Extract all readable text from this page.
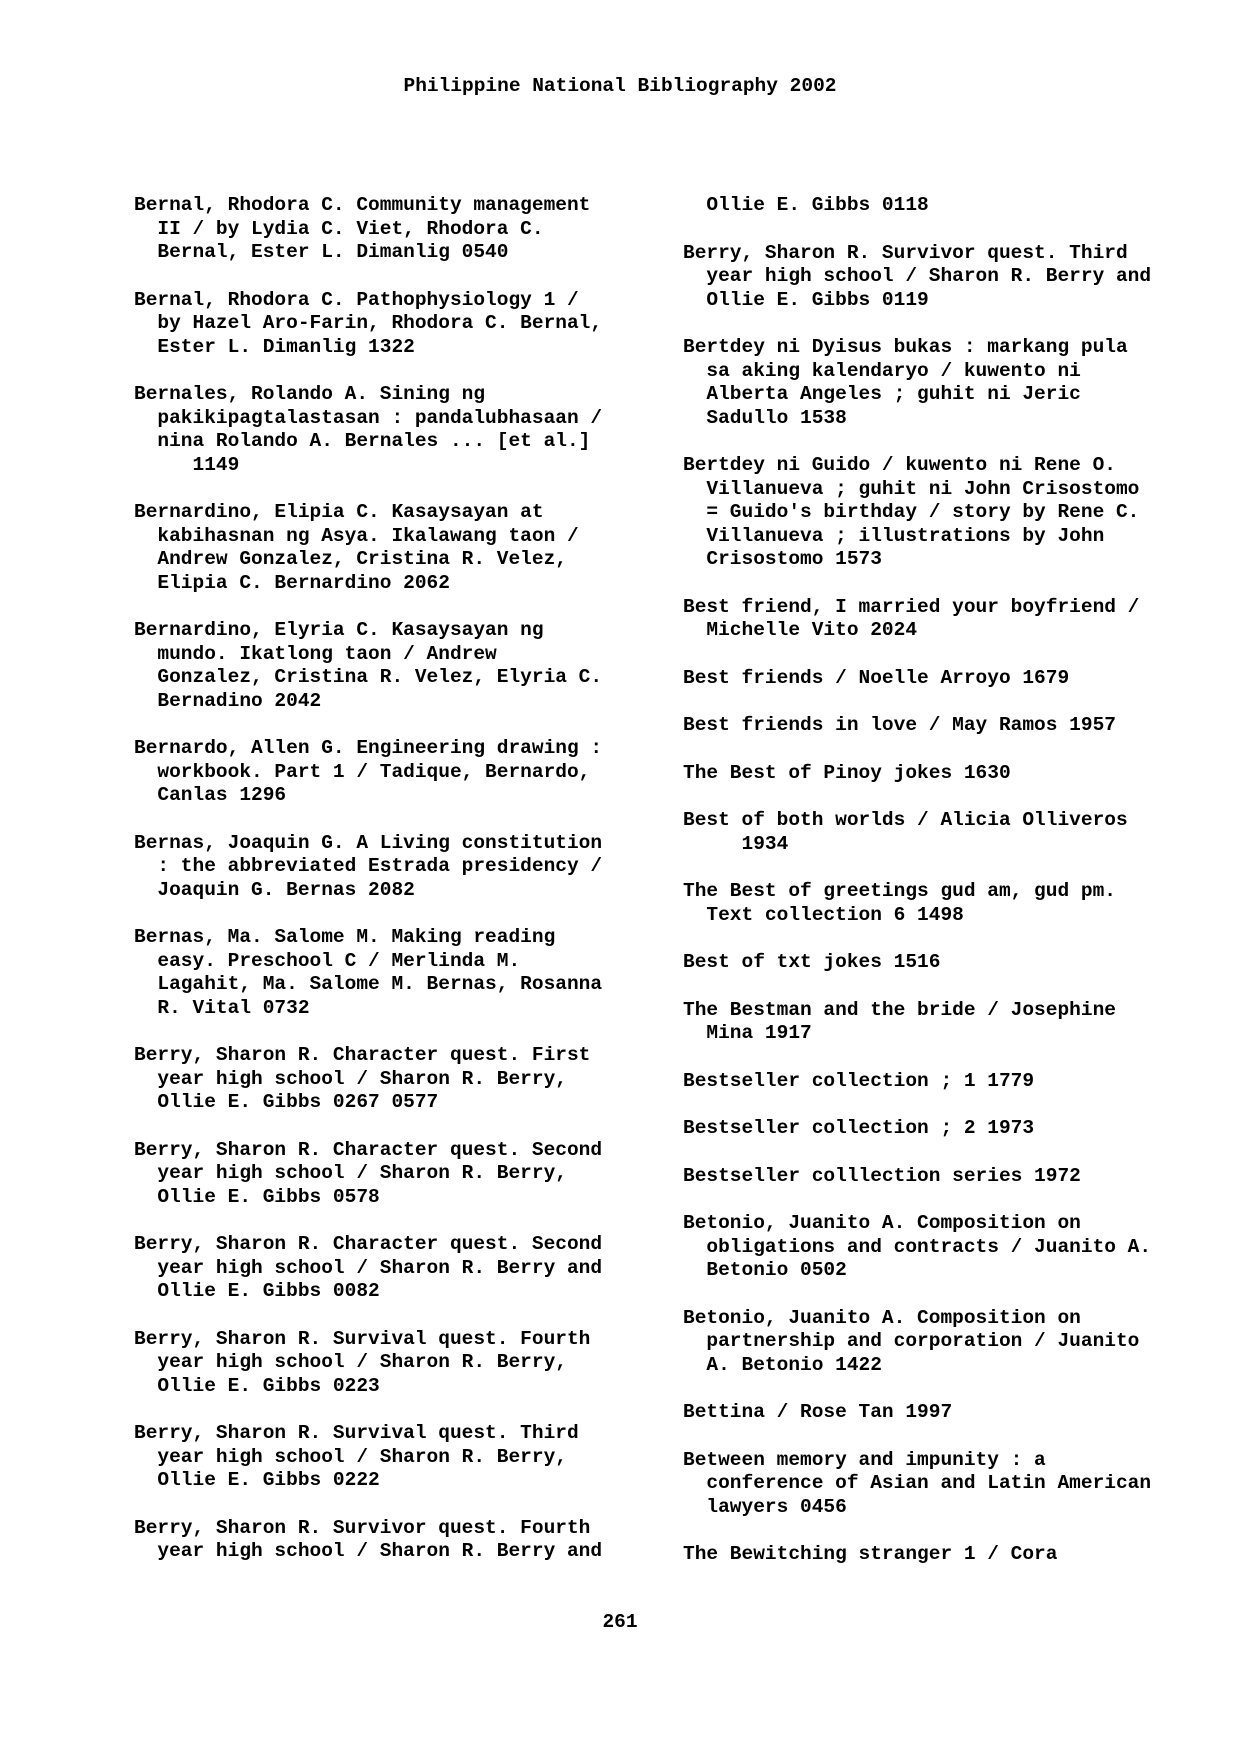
Philippine National Bibliography 2002

Bernal, Rhodora C. Community management
II / by Lydia C. Viet, Rhodora C.
Bernal, Ester L. Dimanlig 0540

Bernal, Rhodora C. Pathophysiology 1 /
by Hazel Aro-Farin, Rhodora C. Bernal,
Ester L. Dimanlig 1322

Bernales, Rolando A. Sining ng
pakikipagtalastasan : pandalubhasaan /
nina Rolando A. Bernales ... [et al.]
1149

Bernardino, Elipia C. Kasaysayan at
kabihasnan ng Asya. Ikalawang taon /
Andrew Gonzalez, Cristina R. Velez,
Elipia C. Bernardino 2062

Bernardino, Elyria C. Kasaysayan ng
mundo. Ikatlong taon / Andrew
Gonzalez, Cristina R. Velez, Elyria C.
Bernadino 2042

Bernardo, Allen G. Engineering drawing :
workbook. Part 1 / Tadique, Bernardo,
Canlas 1296

Bernas, Joaquin G. A Living constitution
: the abbreviated Estrada presidency /
Joaquin G. Bernas 2082

Bernas, Ma. Salome M. Making reading
easy. Preschool C / Merlinda M.
Lagahit, Ma. Salome M. Bernas, Rosanna
R. Vital 0732

Berry, Sharon R. Character quest. First
year high school / Sharon R. Berry,
Ollie E. Gibbs 0267 0577

Berry, Sharon R. Character quest. Second
year high school / Sharon R. Berry,
Ollie E. Gibbs 0578

Berry, Sharon R. Character quest. Second
year high school / Sharon R. Berry and
Ollie E. Gibbs 0082

Berry, Sharon R. Survival quest. Fourth
year high school / Sharon R. Berry,
Ollie E. Gibbs 0223

Berry, Sharon R. Survival quest. Third
year high school / Sharon R. Berry,
Ollie E. Gibbs 0222

Berry, Sharon R. Survivor quest. Fourth
year high school / Sharon R. Berry and

Ollie E. Gibbs 0118

Berry, Sharon R. Survivor quest. Third
year high school / Sharon R. Berry and
Ollie E. Gibbs 0119

Bertdey ni Dyisus bukas : markang pula
sa aking kalendaryo / kuwento ni
Alberta Angeles ; guhit ni Jeric
Sadullo 1538

Bertdey ni Guido / kuwento ni Rene O.
Villanueva ; guhit ni John Crisostomo
= Guido's birthday / story by Rene C.
Villanueva ; illustrations by John
Crisostomo 1573

Best friend, I married your boyfriend /
Michelle Vito 2024

Best friends / Noelle Arroyo 1679

Best friends in love / May Ramos 1957

The Best of Pinoy jokes 1630

Best of both worlds / Alicia Olliveros
1934

The Best of greetings gud am, gud pm.
Text collection 6 1498

Best of txt jokes 1516

The Bestman and the bride / Josephine
Mina 1917

Bestseller collection ; 1 1779

Bestseller collection ; 2 1973

Bestseller colllection series 1972

Betonio, Juanito A. Composition on
obligations and contracts / Juanito A.
Betonio 0502

Betonio, Juanito A. Composition on
partnership and corporation / Juanito
A. Betonio 1422

Bettina / Rose Tan 1997

Between memory and impunity : a
conference of Asian and Latin American
lawyers 0456

The Bewitching stranger 1 / Cora

261
